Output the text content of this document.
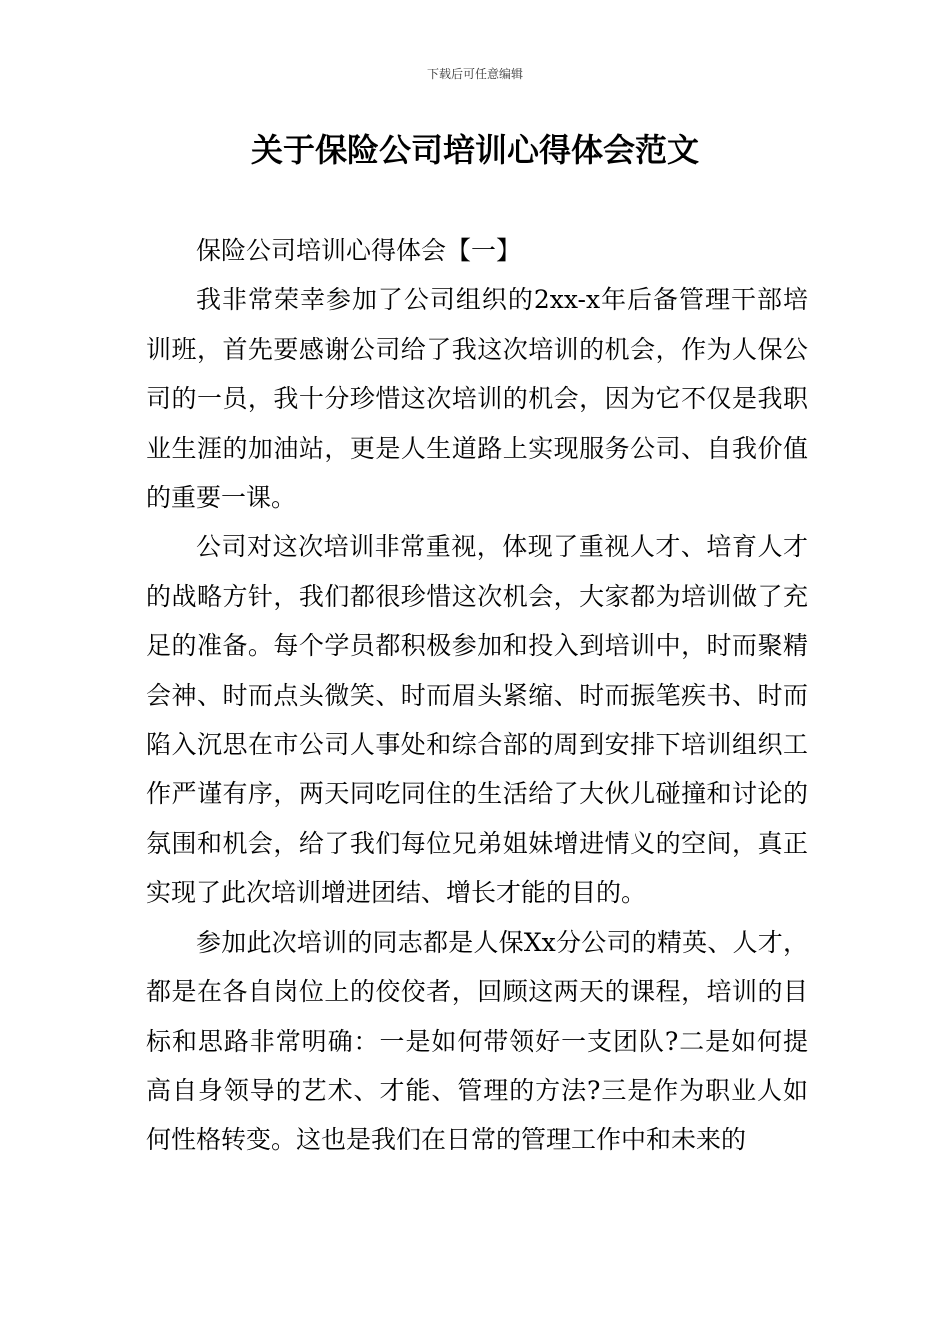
下载后可任意编辑
关于保险公司培训心得体会范文

保险公司培训心得体会【一】

我非常荣幸参加了公司组织的2xx-x年后备管理干部培训班，首先要感谢公司给了我这次培训的机会，作为人保公司的一员，我十分珍惜这次培训的机会，因为它不仅是我职业生涯的加油站，更是人生道路上实现服务公司、自我价值的重要一课。

公司对这次培训非常重视，体现了重视人才、培育人才的战略方针，我们都很珍惜这次机会，大家都为培训做了充足的准备。每个学员都积极参加和投入到培训中，时而聚精会神、时而点头微笑、时而眉头紧缩、时而振笔疾书、时而陷入沉思在市公司人事处和综合部的周到安排下培训组织工作严谨有序，两天同吃同住的生活给了大伙儿碰撞和讨论的氛围和机会，给了我们每位兄弟姐妹增进情义的空间，真正实现了此次培训增进团结、增长才能的目的。

参加此次培训的同志都是人保Xx分公司的精英、人才，都是在各自岗位上的佼佼者，回顾这两天的课程，培训的目标和思路非常明确：一是如何带领好一支团队?二是如何提高自身领导的艺术、才能、管理的方法?三是作为职业人如何性格转变。这也是我们在日常的管理工作中和未来的
